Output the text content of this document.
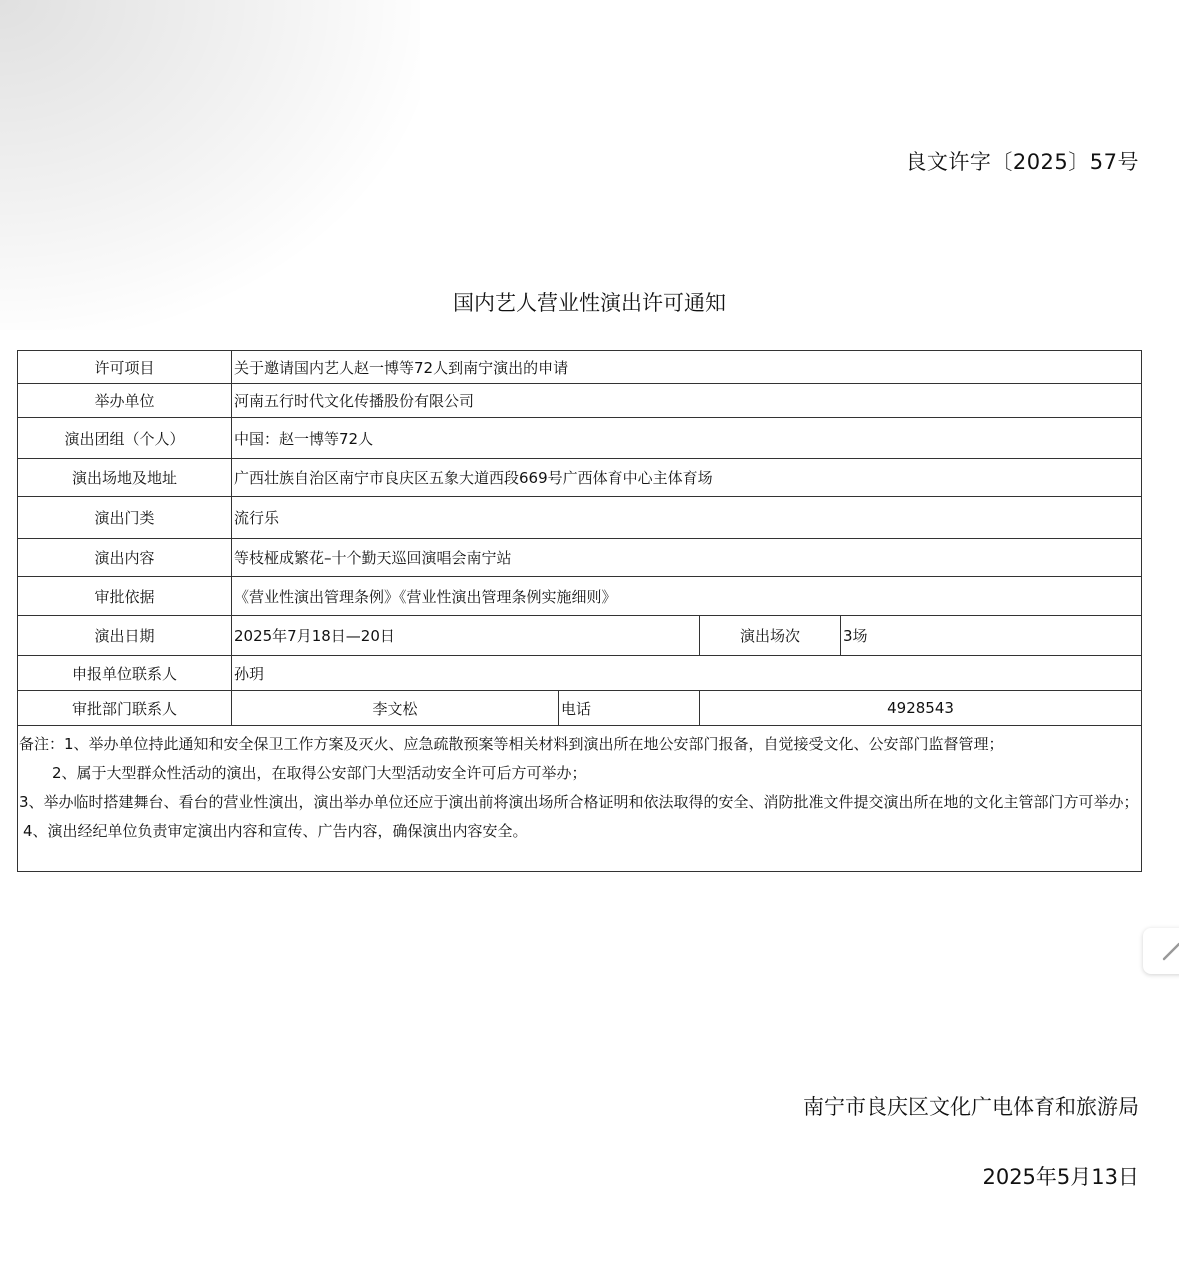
良文许字〔2025〕57号
国内艺人营业性演出许可通知
许可项目	关于邀请国内艺人赵一博等72人到南宁演出的申请			
举办单位	河南五行时代文化传播股份有限公司			
演出团组（个人）	中国：赵一博等72人			
演出场地及地址	广西壮族自治区南宁市良庆区五象大道西段669号广西体育中心主体育场			
演出门类	流行乐			
演出内容	等枝桠成繁花–十个勤天巡回演唱会南宁站			
审批依据	《营业性演出管理条例》《营业性演出管理条例实施细则》			
演出日期	2025年7月18日—20日		演出场次	3场
申报单位联系人	孙玥			
审批部门联系人	李文松	电话	4928543	

备注：1、举办单位持此通知和安全保卫工作方案及灭火、应急疏散预案等相关材料到演出所在地公安部门报备，自觉接受文化、公安部门监督管理；
2、属于大型群众性活动的演出，在取得公安部门大型活动安全许可后方可举办；
3、举办临时搭建舞台、看台的营业性演出，演出举办单位还应于演出前将演出场所合格证明和依法取得的安全、消防批准文件提交演出所在地的文化主管部门方可举办；
4、演出经纪单位负责审定演出内容和宣传、广告内容，确保演出内容安全。				
南宁市良庆区文化广电体育和旅游局
2025年5月13日
